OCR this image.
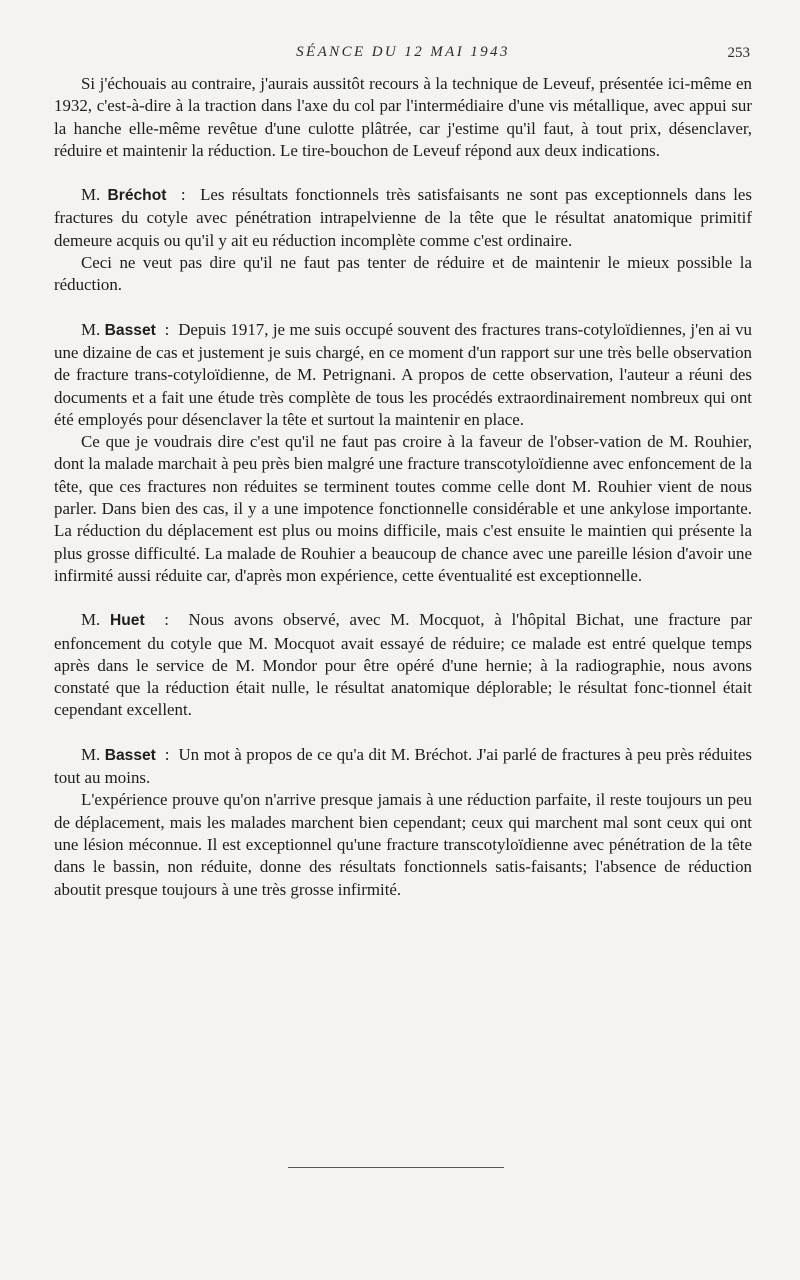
SÉANCE DU 12 MAI 1943	253

Si j'échouais au contraire, j'aurais aussitôt recours à la technique de Leveuf, présentée ici-même en 1932, c'est-à-dire à la traction dans l'axe du col par l'intermédiaire d'une vis métallique, avec appui sur la hanche elle-même revêtue d'une culotte plâtrée, car j'estime qu'il faut, à tout prix, désenclaver, réduire et maintenir la réduction. Le tire-bouchon de Leveuf répond aux deux indications.

M. Bréchot  :  Les résultats fonctionnels très satisfaisants ne sont pas exceptionnels dans les fractures du cotyle avec pénétration intrapelvienne de la tête que le résultat anatomique primitif demeure acquis ou qu'il y ait eu réduction incomplète comme c'est ordinaire.

Ceci ne veut pas dire qu'il ne faut pas tenter de réduire et de maintenir le mieux possible la réduction.

M. Basset  :  Depuis 1917, je me suis occupé souvent des fractures trans-cotyloïdiennes, j'en ai vu une dizaine de cas et justement je suis chargé, en ce moment d'un rapport sur une très belle observation de fracture trans-cotyloïdienne, de M. Petrignani. A propos de cette observation, l'auteur a réuni des documents et a fait une étude très complète de tous les procédés extraordinairement nombreux qui ont été employés pour désenclaver la tête et surtout la maintenir en place.

Ce que je voudrais dire c'est qu'il ne faut pas croire à la faveur de l'obser-vation de M. Rouhier, dont la malade marchait à peu près bien malgré une fracture transcotyloïdienne avec enfoncement de la tête, que ces fractures non réduites se terminent toutes comme celle dont M. Rouhier vient de nous parler. Dans bien des cas, il y a une impotence fonctionnelle considérable et une ankylose importante. La réduction du déplacement est plus ou moins difficile, mais c'est ensuite le maintien qui présente la plus grosse difficulté. La malade de Rouhier a beaucoup de chance avec une pareille lésion d'avoir une infirmité aussi réduite car, d'après mon expérience, cette éventualité est exceptionnelle.

M. Huet  :  Nous avons observé, avec M. Mocquot, à l'hôpital Bichat, une fracture par enfoncement du cotyle que M. Mocquot avait essayé de réduire; ce malade est entré quelque temps après dans le service de M. Mondor pour être opéré d'une hernie; à la radiographie, nous avons constaté que la réduction était nulle, le résultat anatomique déplorable; le résultat fonc-tionnel était cependant excellent.

M. Basset  :  Un mot à propos de ce qu'a dit M. Bréchot. J'ai parlé de fractures à peu près réduites tout au moins.

L'expérience prouve qu'on n'arrive presque jamais à une réduction parfaite, il reste toujours un peu de déplacement, mais les malades marchent bien cependant; ceux qui marchent mal sont ceux qui ont une lésion méconnue. Il est exceptionnel qu'une fracture transcotyloïdienne avec pénétration de la tête dans le bassin, non réduite, donne des résultats fonctionnels satis-faisants; l'absence de réduction aboutit presque toujours à une très grosse infirmité.
